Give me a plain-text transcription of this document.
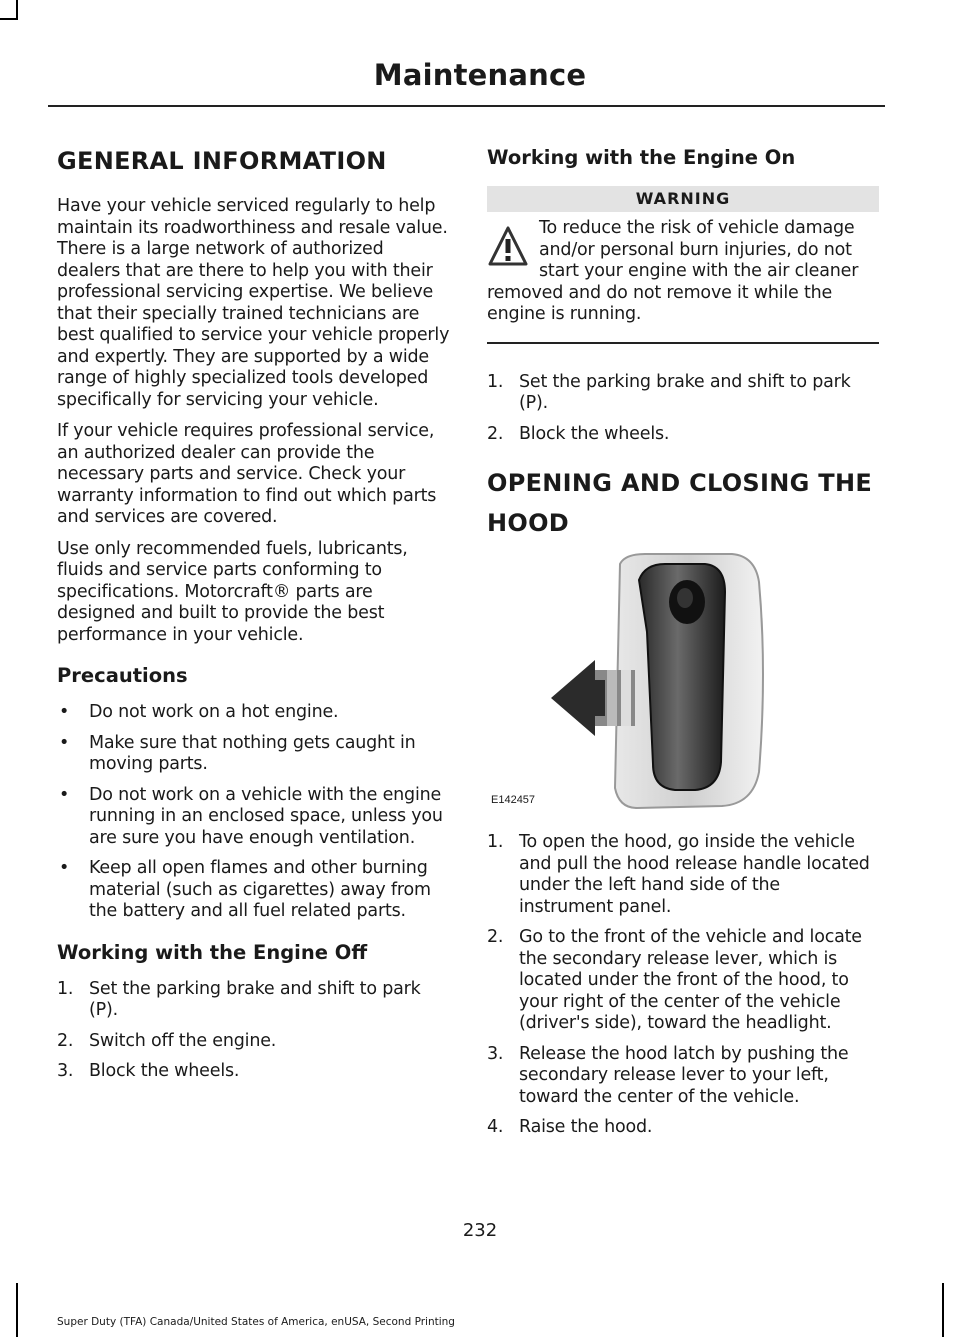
Maintenance
GENERAL INFORMATION

Have your vehicle serviced regularly to help maintain its roadworthiness and resale value. There is a large network of authorized dealers that are there to help you with their professional servicing expertise. We believe that their specially trained technicians are best qualified to service your vehicle properly and expertly. They are supported by a wide range of highly specialized tools developed specifically for servicing your vehicle.

If your vehicle requires professional service, an authorized dealer can provide the necessary parts and service. Check your warranty information to find out which parts and services are covered.

Use only recommended fuels, lubricants, fluids and service parts conforming to specifications. Motorcraft® parts are designed and built to provide the best performance in your vehicle.

Precautions
• Do not work on a hot engine.
• Make sure that nothing gets caught in moving parts.
• Do not work on a vehicle with the engine running in an enclosed space, unless you are sure you have enough ventilation.
• Keep all open flames and other burning material (such as cigarettes) away from the battery and all fuel related parts.
Working with the Engine Off
1. Set the parking brake and shift to park (P).
2. Switch off the engine.
3. Block the wheels.
Working with the Engine On
WARNING
To reduce the risk of vehicle damage and/or personal burn injuries, do not start your engine with the air cleaner removed and do not remove it while the engine is running.
1. Set the parking brake and shift to park (P).
2. Block the wheels.
OPENING AND CLOSING THE
HOOD
E142457
1. To open the hood, go inside the vehicle and pull the hood release handle located under the left hand side of the instrument panel.
2. Go to the front of the vehicle and locate the secondary release lever, which is located under the front of the hood, to your right of the center of the vehicle (driver's side), toward the headlight.
3. Release the hood latch by pushing the secondary release lever to your left, toward the center of the vehicle.
4. Raise the hood.
232
Super Duty (TFA) Canada/United States of America, enUSA, Second Printing
